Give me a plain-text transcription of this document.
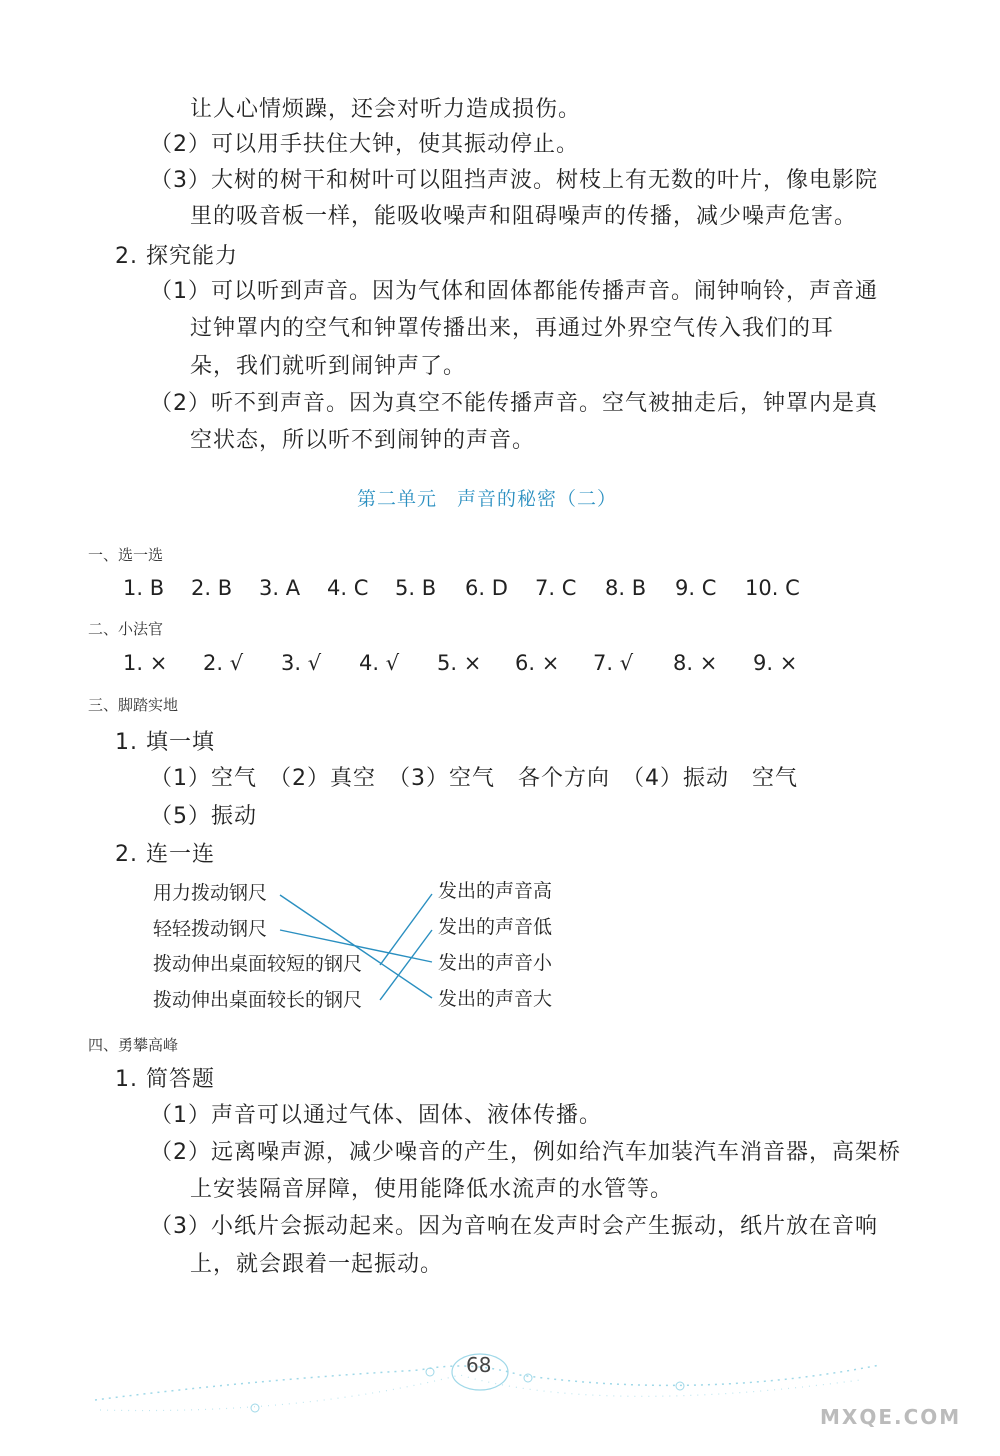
让人心情烦躁，还会对听力造成损伤。
（2）可以用手扶住大钟，使其振动停止。
（3）大树的树干和树叶可以阻挡声波。树枝上有无数的叶片，像电影院
里的吸音板一样，能吸收噪声和阻碍噪声的传播，减少噪声危害。
2. 探究能力
（1）可以听到声音。因为气体和固体都能传播声音。闹钟响铃，声音通
过钟罩内的空气和钟罩传播出来，再通过外界空气传入我们的耳
朵，我们就听到闹钟声了。
（2）听不到声音。因为真空不能传播声音。空气被抽走后，钟罩内是真
空状态，所以听不到闹钟的声音。
第二单元　声音的秘密（二）
一、选一选
1. B 2. B 3. A 4. C 5. B 6. D 7. C 8. B 9. C 10. C
二、小法官
1. × 2. √ 3. √ 4. √ 5. × 6. × 7. √ 8. × 9. ×
三、脚踏实地
1. 填一填
（1）空气　（2）真空　（3）空气　各个方向　（4）振动　空气
（5）振动
2. 连一连
用力拨动钢尺
轻轻拨动钢尺
拨动伸出桌面较短的钢尺
拨动伸出桌面较长的钢尺
发出的声音高
发出的声音低
发出的声音小
发出的声音大
四、勇攀高峰
1. 简答题
（1）声音可以通过气体、固体、液体传播。
（2）远离噪声源，减少噪音的产生，例如给汽车加装汽车消音器，高架桥
上安装隔音屏障，使用能降低水流声的水管等。
（3）小纸片会振动起来。因为音响在发声时会产生振动，纸片放在音响
上，就会跟着一起振动。
68
MXQE.COM
